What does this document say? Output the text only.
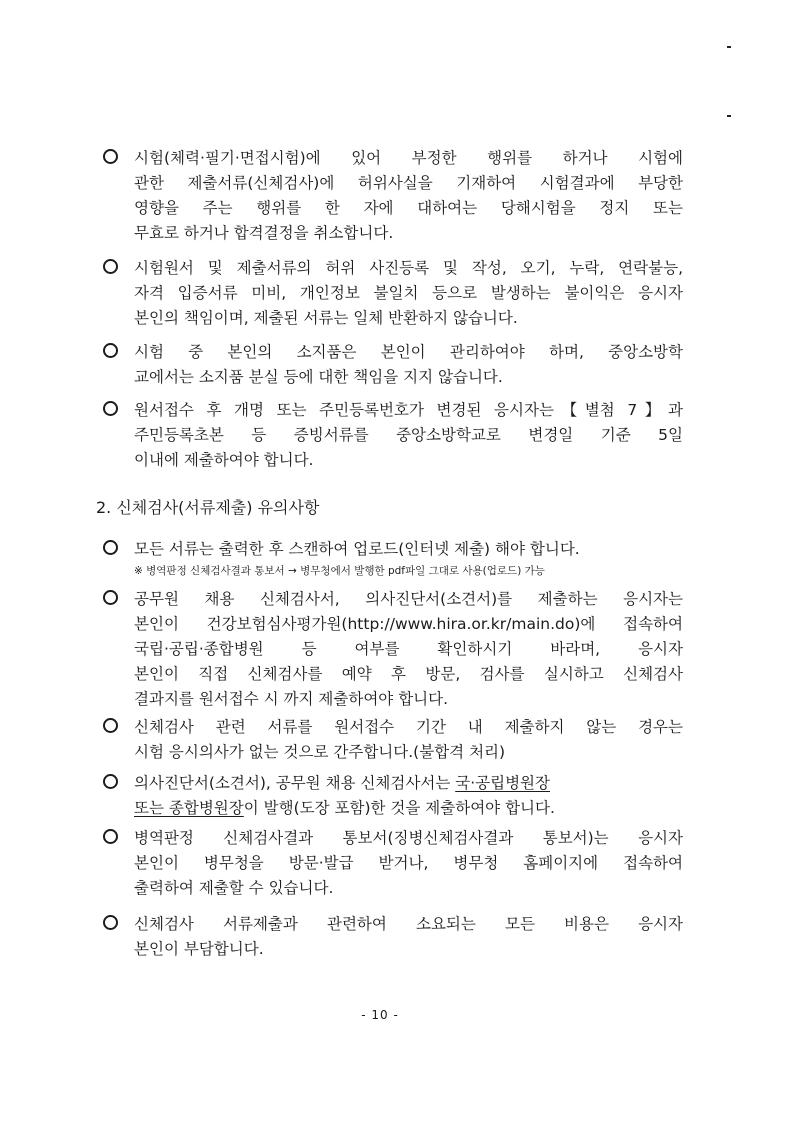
시험(체력·필기·면접시험)에 있어 부정한 행위를 하거나 시험에
관한 제출서류(신체검사)에 허위사실을 기재하여 시험결과에 부당한
영향을 주는 행위를 한 자에 대하여는 당해시험을 정지 또는
무효로 하거나 합격결정을 취소합니다.
시험원서 및 제출서류의 허위 사진등록 및 작성, 오기, 누락, 연락불능,
자격 입증서류 미비, 개인정보 불일치 등으로 발생하는 불이익은 응시자
본인의 책임이며, 제출된 서류는 일체 반환하지 않습니다.
시험 중 본인의 소지품은 본인이 관리하여야 하며, 중앙소방학
교에서는 소지품 분실 등에 대한 책임을 지지 않습니다.
원서접수 후 개명 또는 주민등록번호가 변경된 응시자는【별첨 7】과
주민등록초본 등 증빙서류를 중앙소방학교로 변경일 기준 5일
이내에 제출하여야 합니다.
2. 신체검사(서류제출) 유의사항
모든 서류는 출력한 후 스캔하여 업로드(인터넷 제출) 해야 합니다.
※ 병역판정 신체검사결과 통보서 → 병무청에서 발행한 pdf파일 그대로 사용(업로드) 가능
공무원 채용 신체검사서, 의사진단서(소견서)를 제출하는 응시자는
본인이 건강보험심사평가원(http://www.hira.or.kr/main.do)에 접속하여
국립·공립·종합병원 등 여부를 확인하시기 바라며, 응시자
본인이 직접 신체검사를 예약 후 방문, 검사를 실시하고 신체검사
결과지를 원서접수 시 까지 제출하여야 합니다.
신체검사 관련 서류를 원서접수 기간 내 제출하지 않는 경우는
시험 응시의사가 없는 것으로 간주합니다.(불합격 처리)
의사진단서(소견서), 공무원 채용 신체검사서는 국·공립병원장
또는 종합병원장이 발행(도장 포함)한 것을 제출하여야 합니다.
병역판정 신체검사결과 통보서(징병신체검사결과 통보서)는 응시자
본인이 병무청을 방문·발급 받거나, 병무청 홈페이지에 접속하여
출력하여 제출할 수 있습니다.
신체검사 서류제출과 관련하여 소요되는 모든 비용은 응시자
본인이 부담합니다.
- 10 -
